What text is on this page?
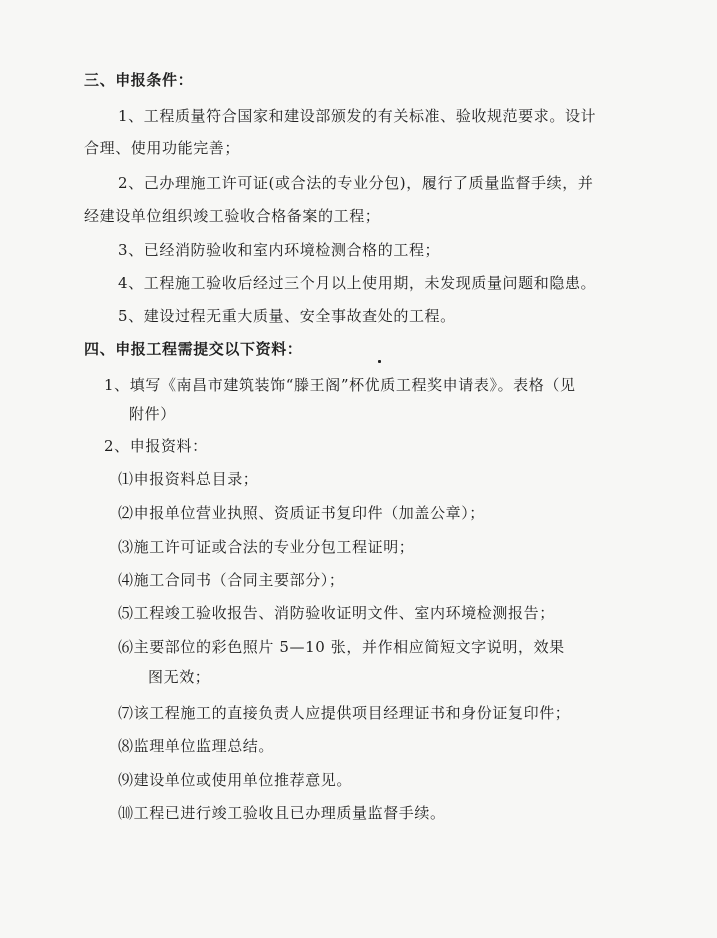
三、申报条件：
1、工程质量符合国家和建设部颁发的有关标准、验收规范要求。设计
合理、使用功能完善；
2、己办理施工许可证(或合法的专业分包)，履行了质量监督手续，并
经建设单位组织竣工验收合格备案的工程；
3、已经消防验收和室内环境检测合格的工程；
4、工程施工验收后经过三个月以上使用期，未发现质量问题和隐患。
5、建设过程无重大质量、安全事故查处的工程。
四、申报工程需提交以下资料：
1、填写《南昌市建筑装饰“滕王阁”杯优质工程奖申请表》。表格（见
附件）
2、申报资料：
⑴申报资料总目录；
⑵申报单位营业执照、资质证书复印件（加盖公章）；
⑶施工许可证或合法的专业分包工程证明；
⑷施工合同书（合同主要部分）；
⑸工程竣工验收报告、消防验收证明文件、室内环境检测报告；
⑹主要部位的彩色照片 5—10 张，并作相应简短文字说明，效果
图无效；
⑺该工程施工的直接负责人应提供项目经理证书和身份证复印件；
⑻监理单位监理总结。
⑼建设单位或使用单位推荐意见。
⑽工程已进行竣工验收且已办理质量监督手续。
